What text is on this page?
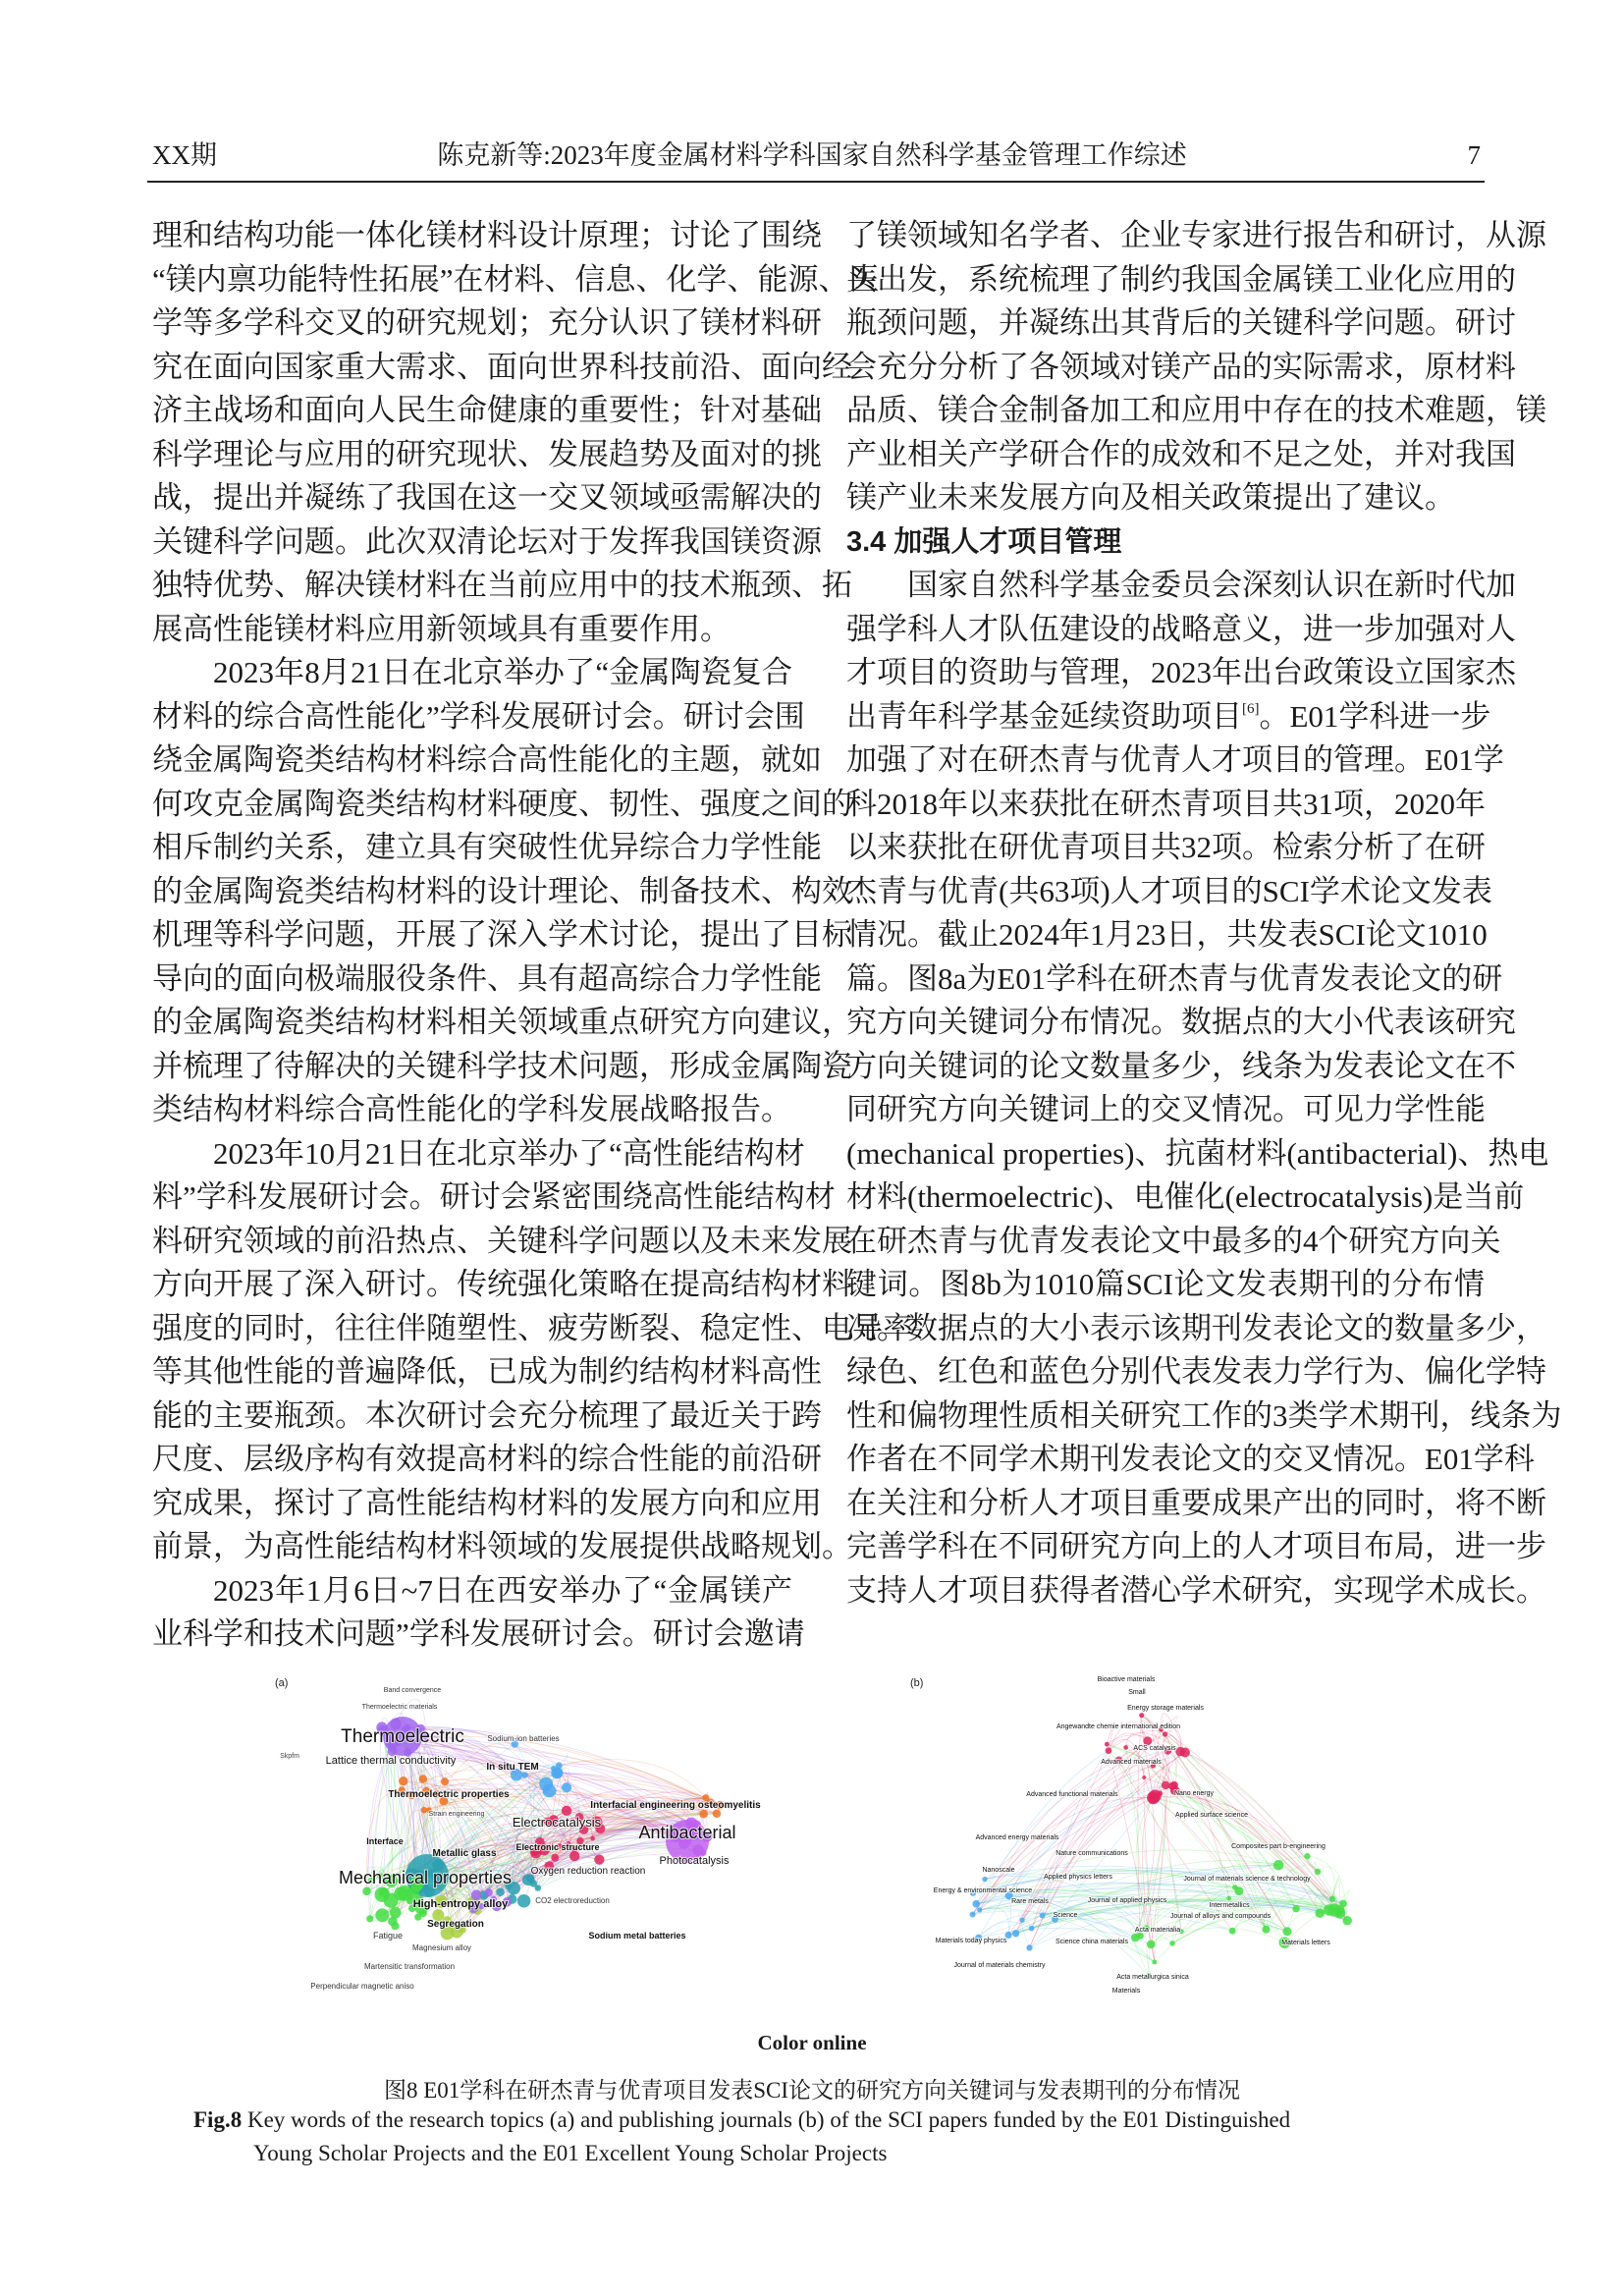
XX期	陈克新等:2023年度金属材料学科国家自然科学基金管理工作综述	7
理和结构功能一体化镁材料设计原理；讨论了围绕
“镁内禀功能特性拓展”在材料、信息、化学、能源、医
学等多学科交叉的研究规划；充分认识了镁材料研
究在面向国家重大需求、面向世界科技前沿、面向经
济主战场和面向人民生命健康的重要性；针对基础
科学理论与应用的研究现状、发展趋势及面对的挑
战，提出并凝练了我国在这一交叉领域亟需解决的
关键科学问题。此次双清论坛对于发挥我国镁资源
独特优势、解决镁材料在当前应用中的技术瓶颈、拓
展高性能镁材料应用新领域具有重要作用。
2023年8月21日在北京举办了“金属陶瓷复合
材料的综合高性能化”学科发展研讨会。研讨会围
绕金属陶瓷类结构材料综合高性能化的主题，就如
何攻克金属陶瓷类结构材料硬度、韧性、强度之间的
相斥制约关系，建立具有突破性优异综合力学性能
的金属陶瓷类结构材料的设计理论、制备技术、构效
机理等科学问题，开展了深入学术讨论，提出了目标
导向的面向极端服役条件、具有超高综合力学性能
的金属陶瓷类结构材料相关领域重点研究方向建议，
并梳理了待解决的关键科学技术问题，形成金属陶瓷
类结构材料综合高性能化的学科发展战略报告。
2023年10月21日在北京举办了“高性能结构材
料”学科发展研讨会。研讨会紧密围绕高性能结构材
料研究领域的前沿热点、关键科学问题以及未来发展
方向开展了深入研讨。传统强化策略在提高结构材料
强度的同时，往往伴随塑性、疲劳断裂、稳定性、电导率
等其他性能的普遍降低，已成为制约结构材料高性
能的主要瓶颈。本次研讨会充分梳理了最近关于跨
尺度、层级序构有效提高材料的综合性能的前沿研
究成果，探讨了高性能结构材料的发展方向和应用
前景，为高性能结构材料领域的发展提供战略规划。
2023年1月6日~7日在西安举办了“金属镁产
业科学和技术问题”学科发展研讨会。研讨会邀请
了镁领域知名学者、企业专家进行报告和研讨，从源
头出发，系统梳理了制约我国金属镁工业化应用的
瓶颈问题，并凝练出其背后的关键科学问题。研讨
会充分分析了各领域对镁产品的实际需求，原材料
品质、镁合金制备加工和应用中存在的技术难题，镁
产业相关产学研合作的成效和不足之处，并对我国
镁产业未来发展方向及相关政策提出了建议。
3.4 加强人才项目管理
国家自然科学基金委员会深刻认识在新时代加
强学科人才队伍建设的战略意义，进一步加强对人
才项目的资助与管理，2023年出台政策设立国家杰
出青年科学基金延续资助项目[6]。E01学科进一步
加强了对在研杰青与优青人才项目的管理。E01学
科2018年以来获批在研杰青项目共31项，2020年
以来获批在研优青项目共32项。检索分析了在研
杰青与优青(共63项)人才项目的SCI学术论文发表
情况。截止2024年1月23日，共发表SCI论文1010
篇。图8a为E01学科在研杰青与优青发表论文的研
究方向关键词分布情况。数据点的大小代表该研究
方向关键词的论文数量多少，线条为发表论文在不
同研究方向关键词上的交叉情况。可见力学性能
(mechanical properties)、抗菌材料(antibacterial)、热电
材料(thermoelectric)、电催化(electrocatalysis)是当前
在研杰青与优青发表论文中最多的4个研究方向关
键词。图8b为1010篇SCI论文发表期刊的分布情
况。数据点的大小表示该期刊发表论文的数量多少，
绿色、红色和蓝色分别代表发表力学行为、偏化学特
性和偏物理性质相关研究工作的3类学术期刊，线条为
作者在不同学术期刊发表论文的交叉情况。E01学科
在关注和分析人才项目重要成果产出的同时，将不断
完善学科在不同研究方向上的人才项目布局，进一步
支持人才项目获得者潜心学术研究，实现学术成长。
(a)
Band convergence
Thermoelectric materials
Thermoelectric
Skpfm Lattice thermal conductivity
Sodium-ion batteries
In situ TEM
Thermoelectric properties
Strain engineering
Interfacial engineering osteomyelitis
Electrocatalysis
Antibacterial
Interface
Metallic glass
Electronic structure
Photocatalysis
Mechanical properties Oxygen reduction reaction
High-entropy alloy	CO2 electroreduction
Segregation
Sodium metal batteries
Fatigue
Magnesium alloy
Martensitic transformation
Perpendicular magnetic aniso
(b)	Bioactive materials
Small
Energy storage materials
Angewandte chemie international edition
ACS catalysis
Advanced materials
Advanced functional materials	Nano energy
Applied surface science
Advanced energy materials
Composites part b-engineering
Nature communications
Nanoscale
Applied physics letters	Journal of materials science & technology
Energy & environmental science
Rare metals	Journal of applied physics
Intermetallics
Journal of alloys and compounds
Science
Acta materialia
Materials today physics	Science china materials	Materials letters
Journal of materials chemistry
Acta metallurgica sinica
Materials
Color online
图8 E01学科在研杰青与优青项目发表SCI论文的研究方向关键词与发表期刊的分布情况
Fig.8 Key words of the research topics (a) and publishing journals (b) of the SCI papers funded by the E01 Distinguished
Young Scholar Projects and the E01 Excellent Young Scholar Projects
